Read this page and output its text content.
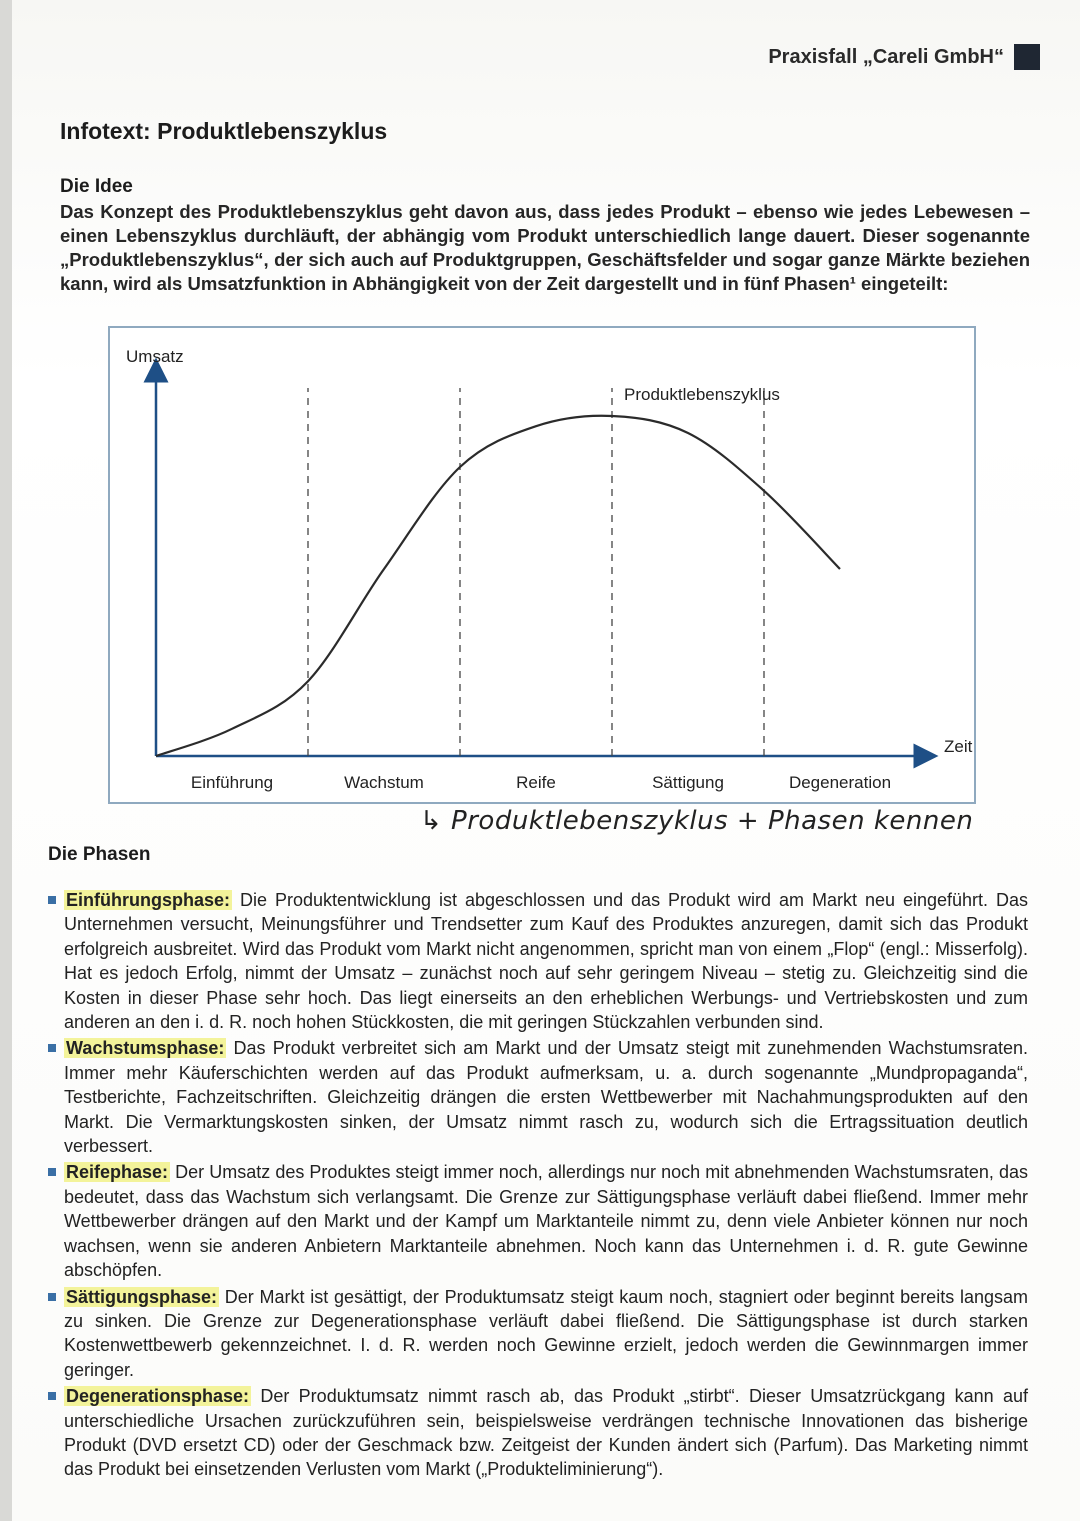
Praxisfall „Careli GmbH“
Infotext: Produktlebenszyklus
Die Idee
Das Konzept des Produktlebenszyklus geht davon aus, dass jedes Produkt – ebenso wie jedes Lebewesen – einen Lebenszyklus durchläuft, der abhängig vom Produkt unterschiedlich lange dauert. Dieser sogenannte „Produktlebenszyklus“, der sich auch auf Produktgruppen, Geschäftsfelder und sogar ganze Märkte beziehen kann, wird als Umsatzfunktion in Abhängigkeit von der Zeit dargestellt und in fünf Phasen¹ eingeteilt:
Umsatz
Zeit
Einführung	Wachstum	Reife	Sättigung	Degeneration
Produktlebenszyklus
↳ Produktlebenszyklus + Phasen kennen
Die Phasen
Einführungsphase: Die Produktentwicklung ist abgeschlossen und das Produkt wird am Markt neu eingeführt. Das Unternehmen versucht, Meinungsführer und Trendsetter zum Kauf des Produktes anzuregen, damit sich das Produkt erfolgreich ausbreitet. Wird das Produkt vom Markt nicht angenommen, spricht man von einem „Flop“ (engl.: Misserfolg). Hat es jedoch Erfolg, nimmt der Umsatz – zunächst noch auf sehr geringem Niveau – stetig zu. Gleichzeitig sind die Kosten in dieser Phase sehr hoch. Das liegt einerseits an den erheblichen Werbungs- und Vertriebskosten und zum anderen an den i. d. R. noch hohen Stückkosten, die mit geringen Stückzahlen verbunden sind.
Wachstumsphase: Das Produkt verbreitet sich am Markt und der Umsatz steigt mit zunehmenden Wachstumsraten. Immer mehr Käuferschichten werden auf das Produkt aufmerksam, u. a. durch sogenannte „Mundpropaganda“, Testberichte, Fachzeitschriften. Gleichzeitig drängen die ersten Wettbewerber mit Nachahmungsprodukten auf den Markt. Die Vermarktungskosten sinken, der Umsatz nimmt rasch zu, wodurch sich die Ertragssituation deutlich verbessert.
Reifephase: Der Umsatz des Produktes steigt immer noch, allerdings nur noch mit abnehmenden Wachstumsraten, das bedeutet, dass das Wachstum sich verlangsamt. Die Grenze zur Sättigungsphase verläuft dabei fließend. Immer mehr Wettbewerber drängen auf den Markt und der Kampf um Marktanteile nimmt zu, denn viele Anbieter können nur noch wachsen, wenn sie anderen Anbietern Marktanteile abnehmen. Noch kann das Unternehmen i. d. R. gute Gewinne abschöpfen.
Sättigungsphase: Der Markt ist gesättigt, der Produktumsatz steigt kaum noch, stagniert oder beginnt bereits langsam zu sinken. Die Grenze zur Degenerationsphase verläuft dabei fließend. Die Sättigungsphase ist durch starken Kostenwettbewerb gekennzeichnet. I. d. R. werden noch Gewinne erzielt, jedoch werden die Gewinnmargen immer geringer.
Degenerationsphase: Der Produktumsatz nimmt rasch ab, das Produkt „stirbt“. Dieser Umsatzrückgang kann auf unterschiedliche Ursachen zurückzuführen sein, beispielsweise verdrängen technische Innovationen das bisherige Produkt (DVD ersetzt CD) oder der Geschmack bzw. Zeitgeist der Kunden ändert sich (Parfum). Das Marketing nimmt das Produkt bei einsetzenden Verlusten vom Markt („Produkteliminierung“).
